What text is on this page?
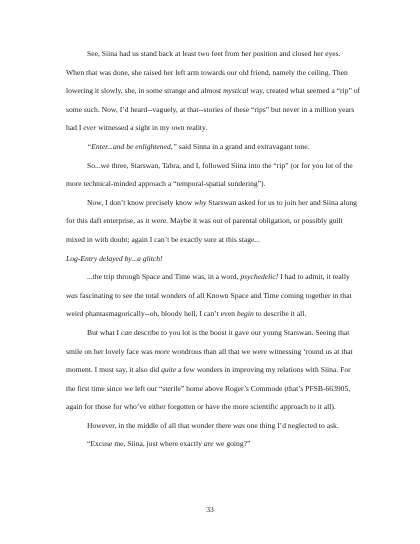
See, Siina had us stand back at least two feet from her position and closed her eyes.

When that was done, she raised her left arm towards our old friend, namely the ceiling. Then

lowering it slowly, she, in some strange and almost mystical way, created what seemed a “rip” of

some such. Now, I’d heard--vaguely, at that--stories of these “rips” but never in a million years

had I ever witnessed a sight in my own reality.

“Enter...and be enlightened,” said Sinna in a grand and extravagant tone.

So...we three, Starswan, Tabra, and I, followed Siina into the “rip” (or for you lot of the

more technical-minded approach a “temporal-spatial sundering”).

Now, I don’t know precisely know why Starswan asked for us to join her and Siina along

for this daft enterprise, as it were. Maybe it was out of parental obligation, or possibly guilt

mixed in with doubt; again I can’t be exactly sure at this stage...

Log-Entry delayed by...a glitch!

...the trip through Space and Time was, in a word, psychedelic! I had to admit, it really

was fascinating to see the total wonders of all Known Space and Time coming together in that

weird phantasmagorically--oh, bloody hell, I can’t even begin to describe it all.

But what I can describe to you lot is the boost it gave our young Starswan. Seeing that

smile on her lovely face was more wondrous than all that we were witnessing ‘round us at that

moment. I must say, it also did quite a few wonders in improving my relations with Siina. For

the first time since we left our “sterile” home above Roger’s Commode (that’s PFSB-663905,

again for those for who’ve either forgotten or have the more scientific approach to it all).

However, in the middle of all that wonder there was one thing I’d neglected to ask.

“Excuse me, Siina, just where exactly are we going?”

33
